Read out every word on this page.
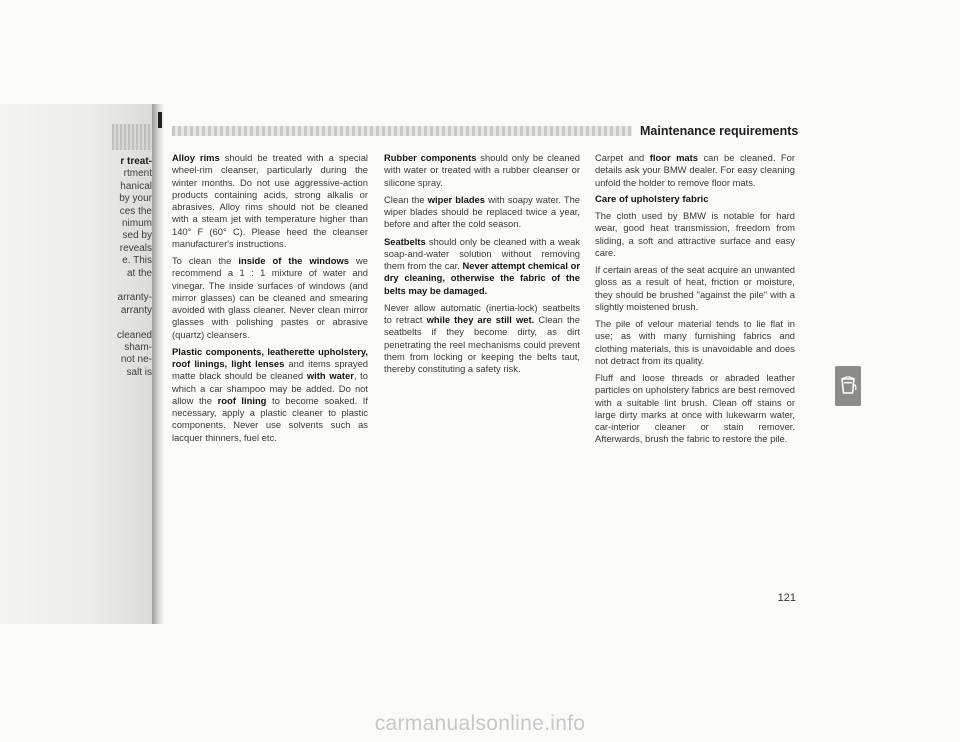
r treat-
rtment
hanical
by your
ces the
nimum
sed by
reveals
e. This
at the
arranty-
arranty
cleaned
sham-
not ne-
salt is
Maintenance requirements

Alloy rims should be treated with a special wheel-rim cleanser, particularly during the winter months. Do not use aggressive-action products containing acids, strong alkalis or abrasives. Alloy rims should not be cleaned with a steam jet with temperature higher than 140° F (60° C). Please heed the cleanser manufacturer's instructions.

To clean the inside of the windows we recommend a 1 : 1 mixture of water and vinegar. The inside surfaces of windows (and mirror glasses) can be cleaned and smearing avoided with glass cleaner. Never clean mirror glasses with polishing pastes or abrasive (quartz) cleansers.

Plastic components, leatherette upholstery, roof linings, light lenses and items sprayed matte black should be cleaned with water, to which a car shampoo may be added. Do not allow the roof lining to become soaked. If necessary, apply a plastic cleaner to plastic components. Never use solvents such as lacquer thinners, fuel etc.

Rubber components should only be cleaned with water or treated with a rubber cleanser or silicone spray.

Clean the wiper blades with soapy water. The wiper blades should be replaced twice a year, before and after the cold season.

Seatbelts should only be cleaned with a weak soap-and-water solution without removing them from the car. Never attempt chemical or dry cleaning, otherwise the fabric of the belts may be damaged.

Never allow automatic (inertia-lock) seatbelts to retract while they are still wet. Clean the seatbelts if they become dirty, as dirt penetrating the reel mechanisms could prevent them from locking or keeping the belts taut, thereby constituting a safety risk.

Carpet and floor mats can be cleaned. For details ask your BMW dealer. For easy cleaning unfold the holder to remove floor mats.

Care of upholstery fabric

The cloth used by BMW is notable for hard wear, good heat transmission, freedom from sliding, a soft and attractive surface and easy care.

If certain areas of the seat acquire an unwanted gloss as a result of heat, friction or moisture, they should be brushed "against the pile" with a slightly moistened brush.

The pile of velour material tends to lie flat in use; as with many furnishing fabrics and clothing materials, this is unavoidable and does not detract from its quality.

Fluff and loose threads or abraded leather particles on upholstery fabrics are best removed with a suitable lint brush. Clean off stains or large dirty marks at once with lukewarm water, car-interior cleaner or stain remover. Afterwards, brush the fabric to restore the pile.

121
carmanualsonline.info
